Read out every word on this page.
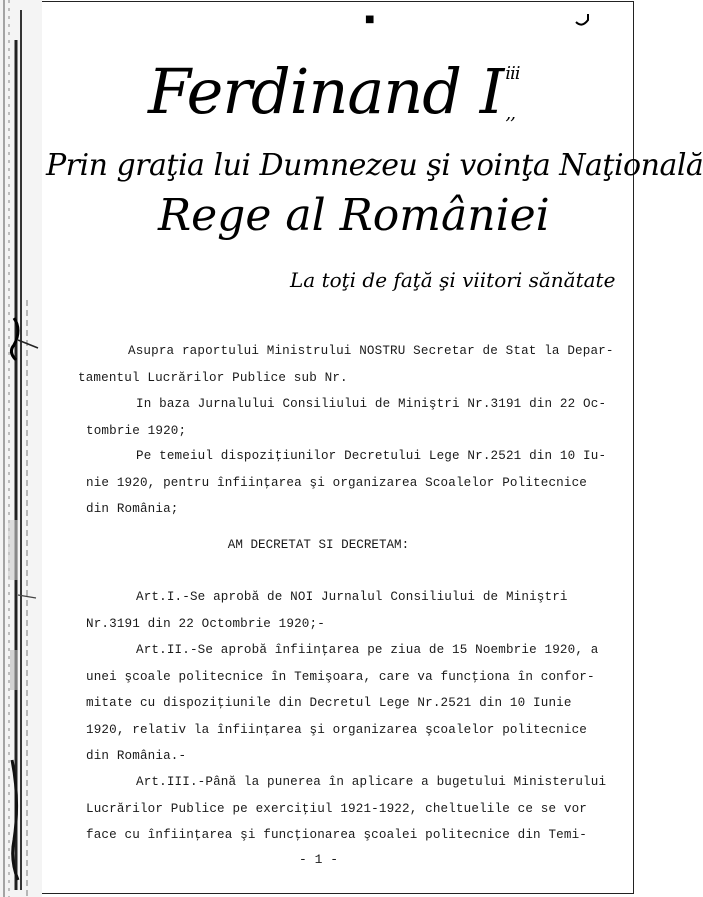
■
Ferdinand I $^{iii}_{,,}$
Prin graţia lui Dumnezeu şi voinţa Naţională
Rege al României
La toţi de faţă şi viitori sănătate
Asupra raportului Ministrului NOSTRU Secretar de Stat la Depar-
tamentul Lucrărilor Publice sub Nr.
In baza Jurnalului Consiliului de Miniştri Nr.3191 din 22 Oc-
tombrie 1920;
Pe temeiul dispoziţiunilor Decretului Lege Nr.2521 din 10 Iu-
nie 1920, pentru înfiinţarea şi organizarea Scoalelor Politecnice
din România;
AM DECRETAT SI DECRETAM:
Art.I.-Se aprobă de NOI Jurnalul Consiliului de Miniştri
Nr.3191 din 22 Octombrie 1920;-
Art.II.-Se aprobă înfiinţarea pe ziua de 15 Noembrie 1920, a
unei şcoale politecnice în Temişoara, care va funcţiona în confor-
mitate cu dispoziţiunile din Decretul Lege Nr.2521 din 10 Iunie
1920, relativ la înfiinţarea şi organizarea şcoalelor politecnice
din România.-
Art.III.-Până la punerea în aplicare a bugetului Ministerului
Lucrărilor Publice pe exerciţiul 1921-1922, cheltuelile ce se vor
face cu înfiinţarea şi funcţionarea şcoalei politecnice din Temi-
- 1 -
